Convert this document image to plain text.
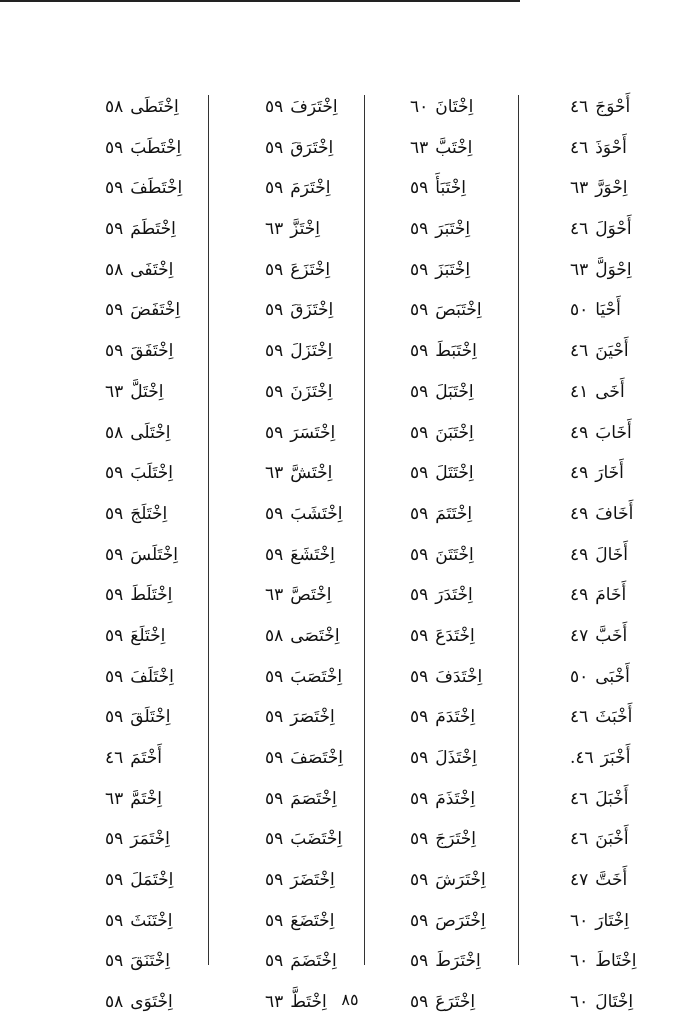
أَحْوَجَ٤٦
أَحْوَذَ٤٦
اِحْوَرَّ٦٣
أَحْوَلَ٤٦
اِحْوَلَّ٦٣
أَحْيَا٥٠
أَحْيَنَ٤٦
أَخَى٤١
أَخَابَ٤٩
أَخَارَ٤٩
أَخَافَ٤٩
أَخَالَ٤٩
أَخَامَ٤٩
أَخَبَّ٤٧
أَخْبَى٥٠
أَخْبَثَ٤٦
أَخْبَرَ٤٦.
أَخْبَلَ٤٦
أَخْبَنَ٤٦
أَخَتَّ٤٧
اِخْتَارَ٦٠
اِخْتَاطَ٦٠
اِخْتَالَ٦٠
اِخْتَانَ٦٠
اِخْتَبَّ٦٣
اِخْتَبَأَ٥٩
اِخْتَبَرَ٥٩
اِخْتَبَزَ٥٩
اِخْتَبَصَ٥٩
اِخْتَبَطَ٥٩
اِخْتَبَلَ٥٩
اِخْتَبَنَ٥٩
اِخْتَتَلَ٥٩
اِخْتَتَمَ٥٩
اِخْتَتَنَ٥٩
اِخْتَدَرَ٥٩
اِخْتَدَعَ٥٩
اِخْتَدَفَ٥٩
اِخْتَدَمَ٥٩
اِخْتَذَلَ٥٩
اِخْتَذَمَ٥٩
اِخْتَرَجَ٥٩
اِخْتَرَشَ٥٩
اِخْتَرَصَ٥٩
اِخْتَرَطَ٥٩
اِخْتَرَعَ٥٩
اِخْتَرَفَ٥٩
اِخْتَرَقَ٥٩
اِخْتَرَمَ٥٩
اِخْتَزَّ٦٣
اِخْتَزَعَ٥٩
اِخْتَزَقَ٥٩
اِخْتَزَلَ٥٩
اِخْتَزَنَ٥٩
اِخْتَسَرَ٥٩
اِخْتَشَّ٦٣
اِخْتَشَبَ٥٩
اِخْتَشَعَ٥٩
اِخْتَصَّ٦٣
اِخْتَصَى٥٨
اِخْتَصَبَ٥٩
اِخْتَصَرَ٥٩
اِخْتَصَفَ٥٩
اِخْتَصَمَ٥٩
اِخْتَضَبَ٥٩
اِخْتَضَرَ٥٩
اِخْتَضَعَ٥٩
اِخْتَضَمَ٥٩
اِخْتَطَّ٦٣
اِخْتَطَى٥٨
اِخْتَطَبَ٥٩
اِخْتَطَفَ٥٩
اِخْتَطَمَ٥٩
اِخْتَفَى٥٨
اِخْتَفَضَ٥٩
اِخْتَفَقَ٥٩
اِخْتَلَّ٦٣
اِخْتَلَى٥٨
اِخْتَلَبَ٥٩
اِخْتَلَجَ٥٩
اِخْتَلَسَ٥٩
اِخْتَلَطَ٥٩
اِخْتَلَعَ٥٩
اِخْتَلَفَ٥٩
اِخْتَلَقَ٥٩
أَخْتَمَ٤٦
اِخْتَمَّ٦٣
اِخْتَمَرَ٥٩
اِخْتَمَلَ٥٩
اِخْتَنَثَ٥٩
اِخْتَنَقَ٥٩
اِخْتَوَى٥٨	٨٥
